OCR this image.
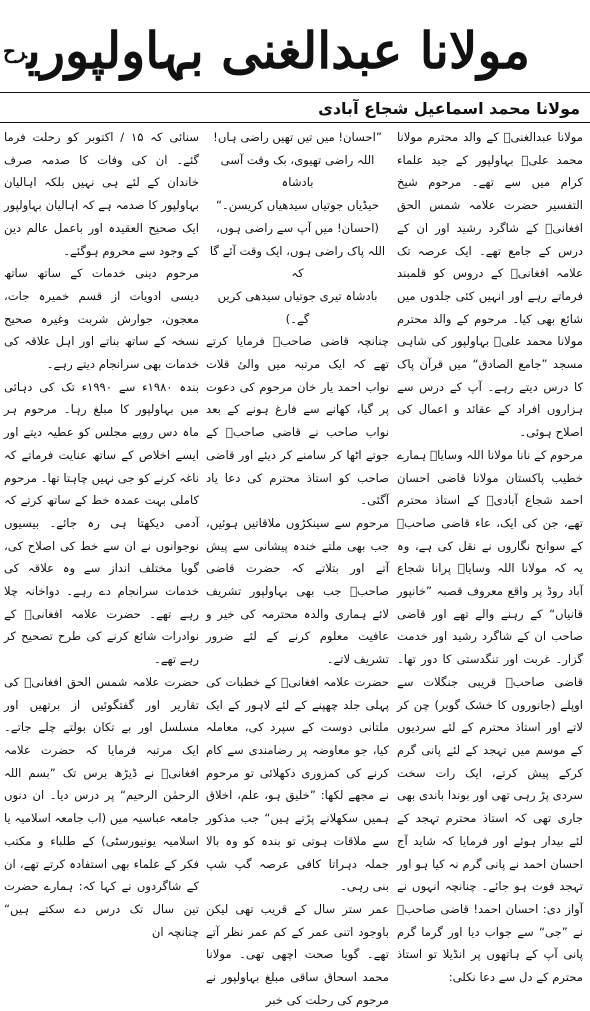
مولانا عبدالغنی بہاولپوری$^{رح}$
مولانا محمد اسماعیل شجاع آبادی

مولانا عبدالغنیؒ کے والد محترم مولانا محمد علیؒ بہاولپور کے جید علماء کرام میں سے تھے۔ مرحوم شیخ التفسیر حضرت علامہ شمس الحق افغانیؒ کے شاگرد رشید اور ان کے درس کے جامع تھے۔ ایک عرصہ تک علامہ افغانیؒ کے دروس کو قلمبند فرماتے رہے اور انہیں کئی جلدوں میں شائع بھی کیا۔ مرحوم کے والد محترم مولانا محمد علیؒ بہاولپور کی شاہی مسجد ”جامع الصادق“ میں قرآن پاک کا درس دیتے رہے۔ آپ کے درس سے ہزاروں افراد کے عقائد و اعمال کی اصلاح ہوئی۔

مرحوم کے نانا مولانا اللہ وسایاؒ ہمارے خطیب پاکستان مولانا قاضی احسان احمد شجاع آبادیؒ کے استاذ محترم تھے، جن کی ایک، عاء قاضی صاحبؒ کے سوانح نگاروں نے نقل کی ہے، وہ یہ کہ مولانا اللہ وسایاؒ پرانا شجاع آباد روڈ پر واقع معروف قصبہ ”خانپور قانیاں“ کے رہنے والے تھے اور قاضی صاحب ان کے شاگرد رشید اور خدمت گزار۔ غربت اور تنگدستی کا دور تھا۔ قاضی صاحبؒ قریبی جنگلات سے اوپلے (جانوروں کا خشک گوبر) چن کر لاتے اور استاذ محترم کے لئے سردیوں کے موسم میں تہجد کے لئے پانی گرم کرکے پیش کرتے، ایک رات سخت سردی پڑ رہی تھی اور بوندا باندی بھی جاری تھی کہ استاذ محترم تہجد کے لئے بیدار ہوئے اور فرمایا کہ شاید آج احسان احمد نے پانی گرم نہ کیا ہو اور تہجد فوت ہو جائے۔ چنانچہ انہوں نے آواز دی: احسان احمد! قاضی صاحبؒ نے ”جی“ سے جواب دیا اور گرما گرم پانی آپ کے ہاتھوں پر انڈیلا تو استاذ محترم کے دل سے دعا نکلی:

”احسان! میں تیں تھیں راضی ہاں!

اللہ راضی تھیوی، بک وقت آسی بادشاہ

حیڈیاں جوتیاں سیدھیاں کریسن۔“

(احسان! میں آپ سے راضی ہوں،

اللہ پاک راضی ہوں، ایک وقت آئے گا کہ

بادشاہ تیری جوتیاں سیدھی کریں گے۔)

چنانچہ قاضی صاحبؒ فرمایا کرتے تھے کہ ایک مرتبہ میں والیٔ قلات نواب احمد یار خان مرحوم کی دعوت پر گیا، کھانے سے فارغ ہونے کے بعد نواب صاحب نے قاضی صاحبؒ کے جوتے اٹھا کر سامنے کر دیئے اور قاضی صاحب کو استاذ محترم کی دعا یاد آگئی۔

مرحوم سے سینکڑوں ملاقاتیں ہوئیں، جب بھی ملتے خندہ پیشانی سے پیش آتے اور بتلاتے کہ حضرت قاضی صاحبؒ جب بھی بہاولپور تشریف لائے ہماری والدہ محترمہ کی خیر و عافیت معلوم کرنے کے لئے ضرور تشریف لاتے۔

حضرت علامہ افغانیؒ کے خطبات کی پہلی جلد چھپنے کے لئے لاہور کے ایک ملتانی دوست کے سپرد کی، معاملہ کیا، جو معاوضہ پر رضامندی سے کام کرنے کی کمزوری دکھلائی تو مرحوم نے مجھے لکھا: ”خلیق ہو، علم، اخلاق ہمیں سکھلانے پڑتے ہیں“ جب مذکور سے ملاقات ہوتی تو بندہ کو وہ بالا جملہ دہراتا کافی عرصہ گپ شپ بنی رہی۔

عمر ستر سال کے قریب تھی لیکن باوجود اتنی عمر کے کم عمر نظر آتے تھے۔ گویا صحت اچھی تھی۔ مولانا محمد اسحاق ساقی مبلغ بہاولپور نے مرحوم کی رحلت کی خبر

سنائی کہ ۱۵ / اکتوبر کو رحلت فرما گئے۔ ان کی وفات کا صدمہ صرف خاندان کے لئے ہی نہیں بلکہ اہالیان بہاولپور کا صدمہ ہے کہ اہالیان بہاولپور ایک صحیح العقیدہ اور باعمل عالم دین کے وجود سے محروم ہوگئے۔

مرحوم دینی خدمات کے ساتھ ساتھ دیسی ادویات از قسم خمیرہ جات، معجون، جوارش شربت وغیرہ صحیح نسخہ کے ساتھ بناتے اور اہل علاقہ کی خدمات بھی سرانجام دیتے رہے۔

بندہ ۱۹۸۰ء سے ۱۹۹۰ء تک کی دہائی میں بہاولپور کا مبلغ رہا۔ مرحوم ہر ماہ دس روپے مجلس کو عطیہ دیتے اور ایسے اخلاص کے ساتھ عنایت فرماتے کہ ناغہ کرنے کو جی نہیں چاہتا تھا۔ مرحوم کاملی بہت عمدہ خط کے ساتھ کرتے کہ آدمی دیکھتا ہی رہ جائے۔ بیسیوں نوجوانوں نے ان سے خط کی اصلاح کی، گویا مختلف انداز سے وہ علاقہ کی خدمات سرانجام دے رہے۔ دواخانہ چلا رہے تھے۔ حضرت علامہ افغانیؒ کے نوادرات شائع کرنے کی طرح تصحیح کر رہے تھے۔

حضرت علامہ شمس الحق افغانیؒ کی تقاریر اور گفتگوئیں از برتھیں اور مسلسل اور بے تکان بولتے چلے جاتے۔ ایک مرتبہ فرمایا کہ حضرت علامہ افغانیؒ نے ڈیڑھ برس تک ”بسم اللہ الرحمٰن الرحیم“ پر درس دیا۔ ان دنوں جامعہ عباسیہ میں (اب جامعہ اسلامیہ یا اسلامیہ یونیورسٹی) کے طلباء و مکتب فکر کے علماء بھی استفادہ کرتے تھے، ان کے شاگردوں نے کہا کہ: ہمارے حضرت تین سال تک درس دے سکتے ہیں“ چنانچہ ان
